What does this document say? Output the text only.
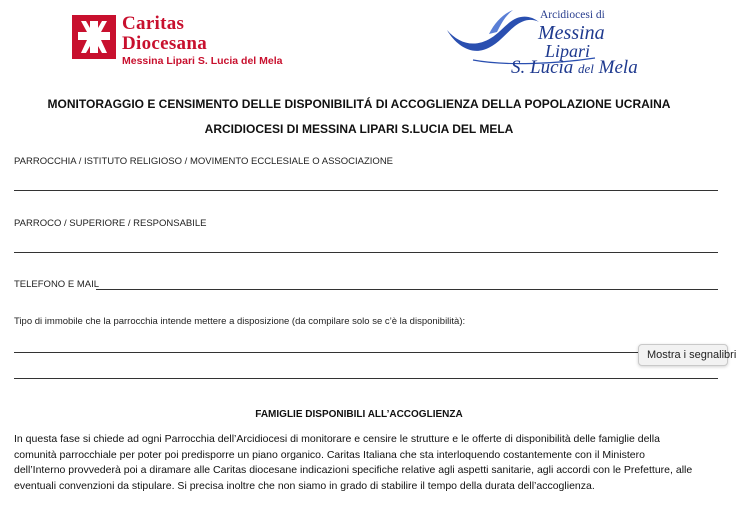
Caritas
Diocesana
Messina Lipari S. Lucia del Mela
Arcidiocesi di
Messina
Lipari
S. Lucia del Mela
MONITORAGGIO E CENSIMENTO DELLE DISPONIBILITÁ DI ACCOGLIENZA DELLA POPOLAZIONE UCRAINA
ARCIDIOCESI DI MESSINA LIPARI S.LUCIA DEL MELA
PARROCCHIA / ISTITUTO RELIGIOSO / MOVIMENTO ECCLESIALE O ASSOCIAZIONE
PARROCO / SUPERIORE / RESPONSABILE
TELEFONO E MAIL
Tipo di immobile che la parrocchia intende mettere a disposizione (da compilare solo se c’è la disponibilità):
FAMIGLIE DISPONIBILI ALL’ACCOGLIENZA
In questa fase si chiede ad ogni Parrocchia dell’Arcidiocesi di monitorare e censire le strutture e le offerte di disponibilità delle famiglie della
comunità parrocchiale per poter poi predisporre un piano organico. Caritas Italiana che sta interloquendo costantemente con il Ministero
dell’Interno provvederà poi a diramare alle Caritas diocesane indicazioni specifiche relative agli aspetti sanitarie, agli accordi con le Prefetture, alle
eventuali convenzioni da stipulare. Si precisa inoltre che non siamo in grado di stabilire il tempo della durata dell’accoglienza.
Mostra i segnalibri
